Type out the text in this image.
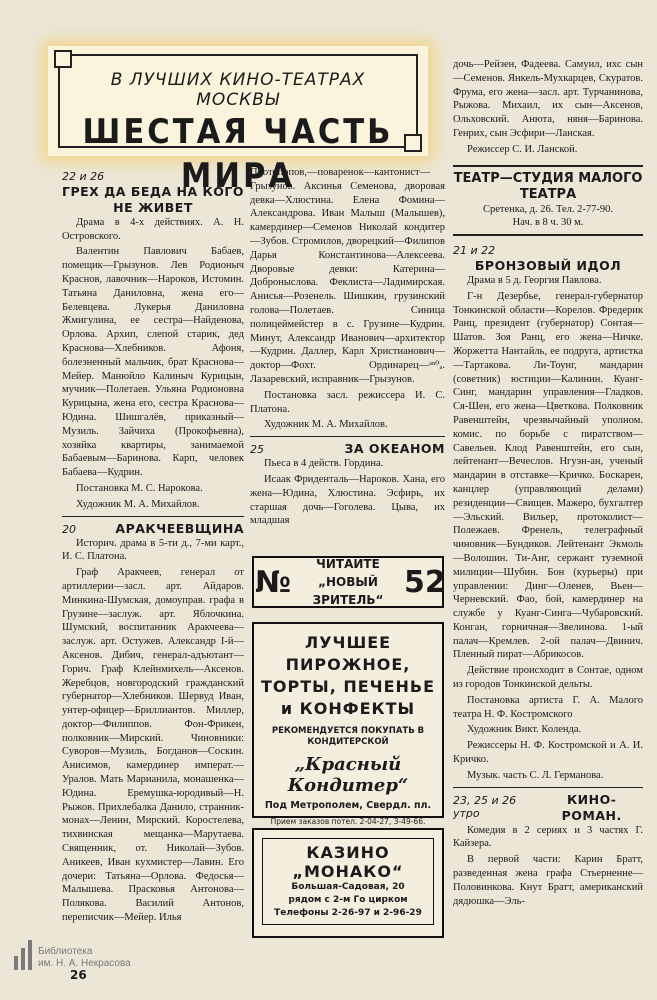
В ЛУЧШИХ КИНО-ТЕАТРАХ МОСКВЫ
ШЕСТАЯ ЧАСТЬ МИРА
22 и 26
ГРЕХ ДА БЕДА НА КОГО НЕ ЖИВЕТ

Драма в 4-х действиях. А. Н. Островского.

Валентин Павлович Бабаев, помещик—Грызунов. Лев Родионыч Краснов, лавочник—Нароков, Истомин. Татьяна Даниловна, жена его—Белевцева. Лукерья Даниловна Жмигулина, ее сестра—Найденова, Орлова. Архип, слепой старик, дед Краснова—Хлебников. Афоня, болезненный мальчик, брат Краснова—Мейер. Манюйло Калиныч Курицын, мучник—Полетаев. Ульяна Родионовна Курицына, жена его, сестра Краснова—Юдина. Шишгалёв, приказный—Музиль. Зайчиха (Прокофьевна), хозяйка квартиры, занимаемой Бабаевым—Баринова. Карп, человек Бабаева—Кудрин.

Постановка М. С. Нарокова.

Художник М. А. Михайлов.

20	АРАКЧЕЕВЩИНА

Историч. драма в 5-ти д., 7-ми карт., И. С. Платона.

Граф Аракчеев, генерал от артиллерии—засл. арт. Айдаров. Минкина-Шумская, домоуправ. графа в Грузине—заслуж. арт. Яблочкина. Шумский, воспитанник Аракчеева—заслуж. арт. Остужев. Александр I-й—Аксенов. Дибич, генерал-адъютант—Горич. Граф Клейнмихель—Аксенов. Жеребцов, новгородский гражданский губернатор—Хлебников. Шервуд Иван, унтер-офицер—Бриллиантов. Миллер, доктор—Филиппов. Фон-Фрикен, полковник—Мирский. Чиновники: Суворов—Музиль, Богданов—Соскин. Анисимов, камердинер императ.—Уралов. Мать Марианила, монашенка—Юдина. Еремушка-юродивый—Н. Рыжов. Прихлебалка Данило, странник-монах—Ленин, Мирский. Коростелева, тихвинская мещанка—Марутаева. Священник, от. Николай—Зубов. Аникеев, Иван кухмистер—Лавин. Его дочери: Татьяна—Орлова. Федосья—Малышева. Прасковья Антонова—Полякова. Василий Антонов, переписчик—Мейер. Илья

Протопопов,—поваренок—кантонист—Грызунов. Аксинья Семенова, дворовая девка—Хлюстина. Елена Фомина—Александрова. Иван Малыш (Малышев), камердинер—Семенов Николай кондитер—Зубов. Стромилов, дворецкий—Филипов Дарья Константинова—Алексеева. Дворовые девки: Катерина—Доброныслова. Феклиста—Ладимирская. Анисья—Розенель. Шишкин, грузинский голова—Полетаев. Синица полицеймейстер в с. Грузине—Кудрин. Минут, Александр Иванович—архитектор—Кудрин. Даллер, Карл Христианович—доктор—Фохт. Ординарец—ᵃⁿ⁰ₐ. Лазаревский, исправник—Грызунов.

Постановка засл. режиссера И. С. Платона.

Художник М. А. Михайлов.

25	ЗА ОКЕАНОМ

Пьеса в 4 действ. Гордина.

Исаак Фриденталь—Нароков. Хана, его жена—Юдина, Хлюстина. Эсфирь, их старшая дочь—Гоголева. Цыва, их младшая

дочь—Рейзен, Фадеева. Самуил, ихс сын—Семенов. Янкель-Мухкарцев, Скуратов. Фрума, его жена—засл. арт. Турчанинова, Рыжова. Михаил, их сын—Аксенов, Ольховский. Анюта, няня—Баринова. Генрих, сын Эсфири—Ланская.

Режиссер С. И. Ланской.

ТЕАТР—СТУДИЯ МАЛОГО ТЕАТРА
Сретенка, д. 26. Тел. 2-77-90.
Нач. в 8 ч. 30 м.
21 и 22
БРОНЗОВЫЙ ИДОЛ

Драма в 5 д. Георгия Павлова.

Г-н Дезербье, генерал-губернатор Тонкинской области—Корелов. Фредерик Ранц, президент (губернатор) Сонтая—Шатов. Зоя Ранц, его жена—Ничке. Жоржетта Нантайль, ее подруга, артистка—Тартакова. Ли-Тоунг, мандарин (советник) юстиции—Калинин. Куанг-Синг, мандарин управления—Гладков. Ся-Шен, его жена—Цветкова. Полковник Равенштейн, чрезвычайный уполном. комис. по борьбе с пиратством—Савельев. Клод Равенштейн, его сын, лейтенант—Вечеслов. Нгуэн-ан, ученый мандарин в отставке—Кричко. Боскарен, канцлер (управляющий делами) резиденции—Свищев. Мажеро, бухгалтер—Эльский. Вильер, протоколист—Полежаев. Френель, телеграфный чиновник—Бундиков. Лейтенант Экмоль—Волошин. Ти-Анг, сержант туземной милиции—Шубин. Бон (курьеры) при управлении: Динг—Оленев, Вьен—Черневский. Фао, бой, камердинер на службе у Куанг-Синга—Чубаровский. Конган, горничная—Звелинова. 1-ый палач—Кремлев. 2-ой палач—Двинич. Пленный пират—Абрикосов.

Действие происходит в Сонтае, одном из городов Тонкинской дельты.

Постановка артиста Г. А. Малого театра Н. Ф. Костромского

Художник Викт. Коленда.

Режиссеры Н. Ф. Костромской и А. И. Кричко.

Музык. часть С. Л. Германова.

23, 25 и 26 утро
КИНО-РОМАН.

Комедия в 2 сериях и 3 частях Г. Кайзера.

В первой части: Карин Братт, разведенная жена графа Стьерненне—Половинкова. Кнут Братт, американский дядюшка—Эль-

№
ЧИТАЙТЕ
„НОВЫЙ ЗРИТЕЛЬ“
52
ЛУЧШЕЕ ПИРОЖНОЕ,
ТОРТЫ, ПЕЧЕНЬЕ
и КОНФЕКТЫ
РЕКОМЕНДУЕТСЯ ПОКУПАТЬ В КОНДИТЕРСКОЙ
„Красный Кондитер“
Под Метрополем, Свердл. пл.
Прием заказов потел. 2-04-27, 3-49-66.
КАЗИНО „МОНАКО“
Большая-Садовая, 20
рядом с 2-м Го цирком
Телефоны 2-26-97 и 2-96-29
26
Библиотека
им. Н. А. Некрасова
